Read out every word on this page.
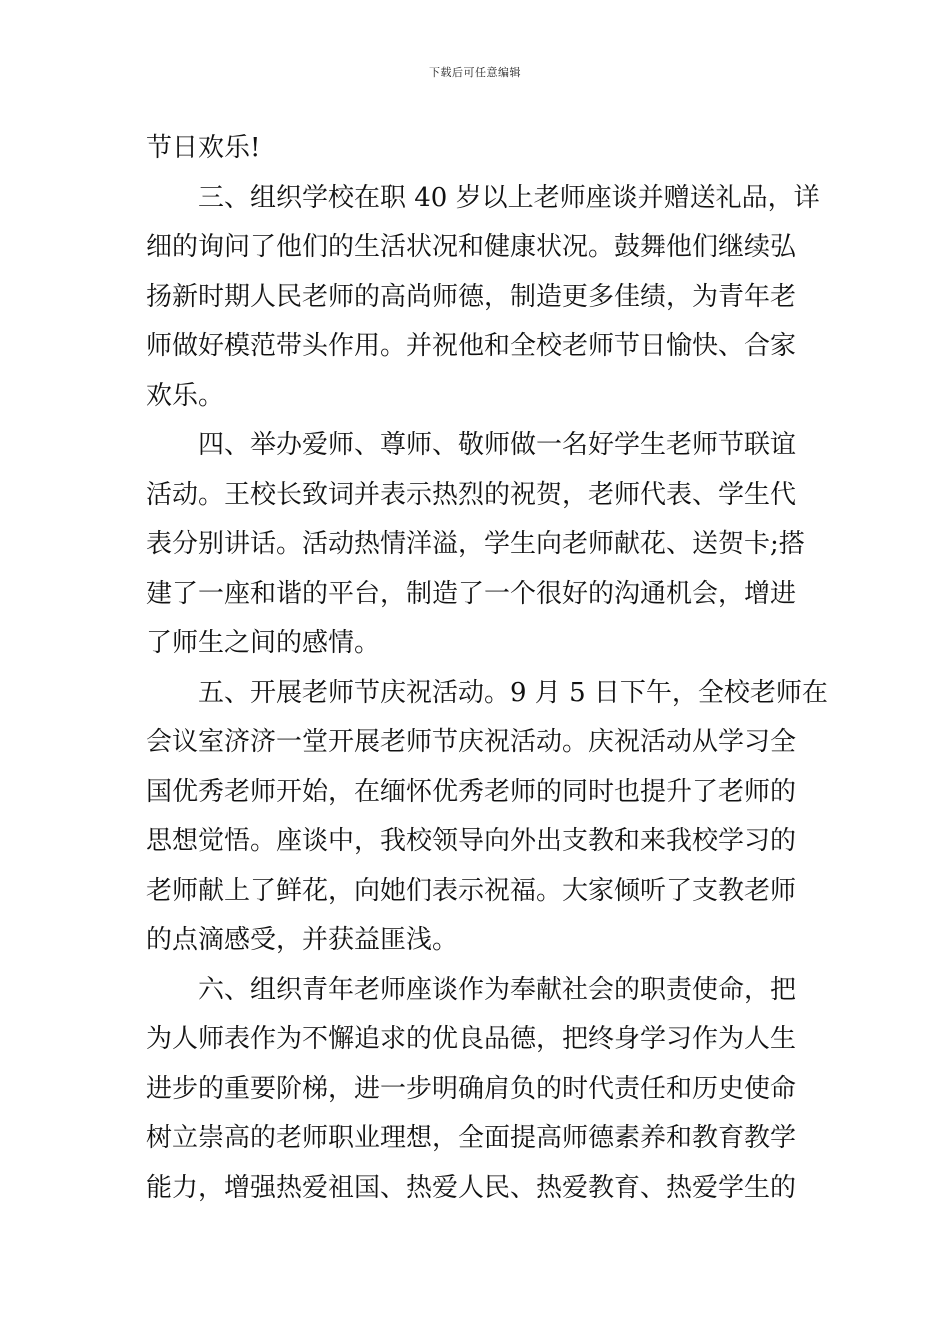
下载后可任意编辑
节日欢乐!
三、组织学校在职 40 岁以上老师座谈并赠送礼品，详
细的询问了他们的生活状况和健康状况。鼓舞他们继续弘
扬新时期人民老师的高尚师德，制造更多佳绩，为青年老
师做好模范带头作用。并祝他和全校老师节日愉快、合家
欢乐。
四、举办爱师、尊师、敬师做一名好学生老师节联谊
活动。王校长致词并表示热烈的祝贺，老师代表、学生代
表分别讲话。活动热情洋溢，学生向老师献花、送贺卡;搭
建了一座和谐的平台，制造了一个很好的沟通机会，增进
了师生之间的感情。
五、开展老师节庆祝活动。9 月 5 日下午，全校老师在
会议室济济一堂开展老师节庆祝活动。庆祝活动从学习全
国优秀老师开始，在缅怀优秀老师的同时也提升了老师的
思想觉悟。座谈中，我校领导向外出支教和来我校学习的
老师献上了鲜花，向她们表示祝福。大家倾听了支教老师
的点滴感受，并获益匪浅。
六、组织青年老师座谈作为奉献社会的职责使命，把
为人师表作为不懈追求的优良品德，把终身学习作为人生
进步的重要阶梯，进一步明确肩负的时代责任和历史使命
树立崇高的老师职业理想，全面提高师德素养和教育教学
能力，增强热爱祖国、热爱人民、热爱教育、热爱学生的
